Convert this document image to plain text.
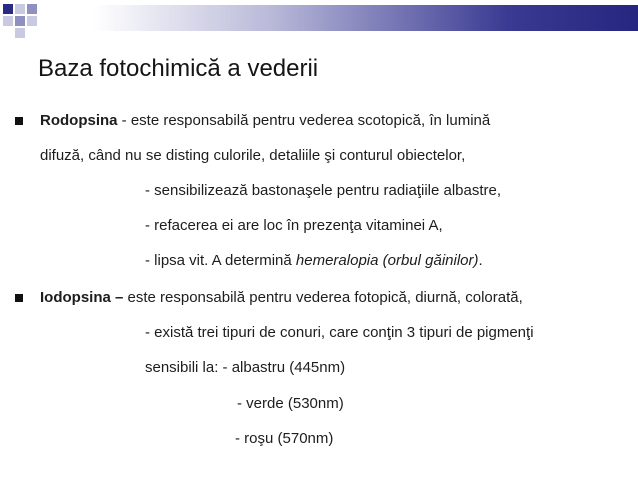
Baza fotochimică a vederii
Rodopsina - este responsabilă pentru vederea scotopică, în lumină
difuză, când nu se disting culorile, detaliile şi conturul obiectelor,
- sensibilizează bastonaşele pentru radiaţiile albastre,
- refacerea ei are loc în prezenţa vitaminei A,
- lipsa vit. A determină hemeralopia (orbul găinilor).
Iodopsina – este responsabilă pentru vederea fotopică, diurnă, colorată,
- există trei tipuri de conuri, care conţin 3 tipuri de pigmenţi
sensibili la: - albastru (445nm)
- verde (530nm)
- roşu (570nm)
